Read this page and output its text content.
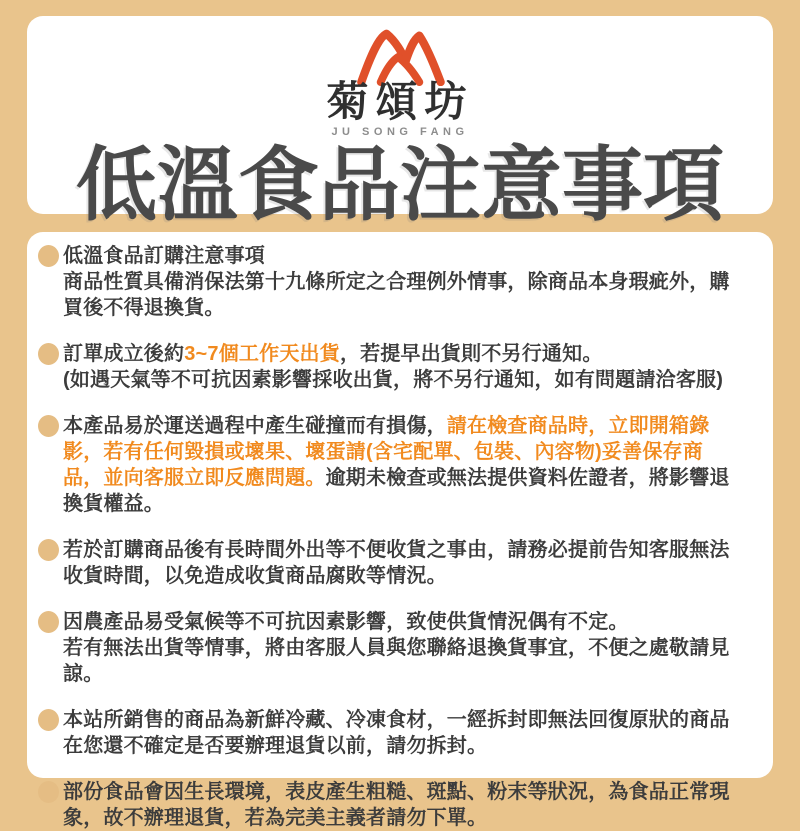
菊頌坊
JU SONG FANG
低溫食品注意事項
低溫食品訂購注意事項
商品性質具備消保法第十九條所定之合理例外情事，除商品本身瑕疵外，購買後不得退換貨。
訂單成立後約3~7個工作天出貨，若提早出貨則不另行通知。
(如遇天氣等不可抗因素影響採收出貨，將不另行通知，如有問題請洽客服)
本產品易於運送過程中產生碰撞而有損傷，請在檢查商品時，立即開箱錄影，若有任何毀損或壞果、壞蛋請(含宅配單、包裝、內容物)妥善保存商品，並向客服立即反應問題。逾期未檢查或無法提供資料佐證者，將影響退換貨權益。
若於訂購商品後有長時間外出等不便收貨之事由，請務必提前告知客服無法收貨時間，以免造成收貨商品腐敗等情況。
因農產品易受氣候等不可抗因素影響，致使供貨情況偶有不定。
若有無法出貨等情事，將由客服人員與您聯絡退換貨事宜，不便之處敬請見諒。
本站所銷售的商品為新鮮冷藏、冷凍食材，一經拆封即無法回復原狀的商品在您還不確定是否要辦理退貨以前，請勿拆封。
部份食品會因生長環境，表皮產生粗糙、斑點、粉末等狀況，為食品正常現象，故不辦理退貨，若為完美主義者請勿下單。
